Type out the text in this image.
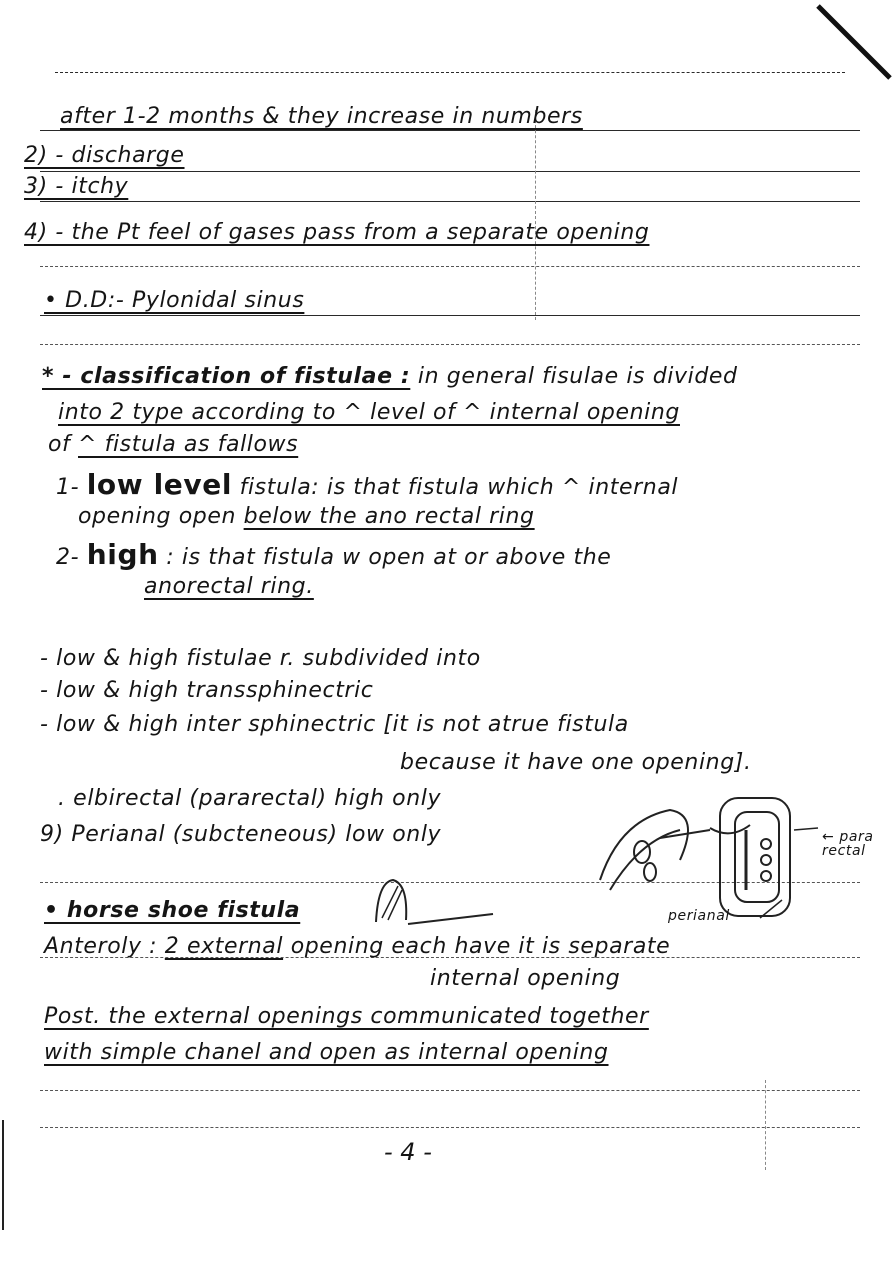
after 1-2 months & they increase in numbers
2) - discharge
3) - itchy
4) - the Pt feel of gases pass from a separate opening
• D.D:- Pylonidal sinus
* - classification of fistulae : in general fisulae is divided
into 2 type according to ^ level of ^ internal opening
of ^ fistula as fallows
1- low level fistula: is that fistula which ^ internal
opening open below the ano rectal ring
2- high : is that fistula w open at or above the
anorectal ring.
- low & high fistulae r. subdivided into
- low & high transsphinectric
- low & high inter sphinectric [it is not atrue fistula
because it have one opening].
. elbirectal (pararectal) high only
9) Perianal (subcteneous) low only	← para rectal
perianal
• horse shoe fistula
Anteroly : 2 external opening each have it is separate
internal opening
Post. the external openings communicated together
with simple chanel and open as internal opening
- 4 -
